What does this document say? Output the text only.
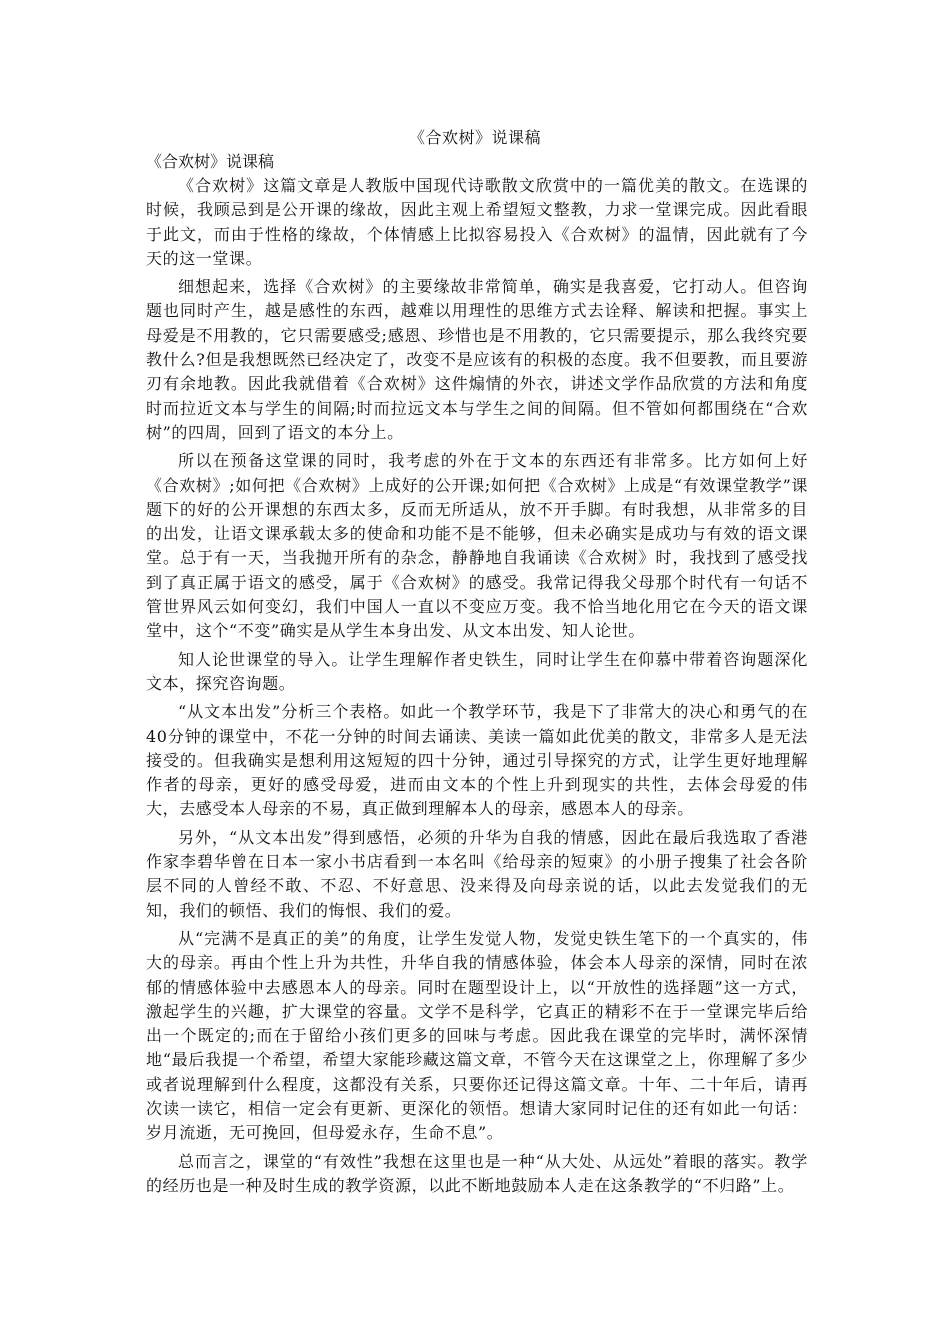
《合欢树》说课稿
《合欢树》说课稿

《合欢树》这篇文章是人教版中国现代诗歌散文欣赏中的一篇优美的散文。在选课的时候，我顾忌到是公开课的缘故，因此主观上希望短文整教，力求一堂课完成。因此看眼于此文，而由于性格的缘故，个体情感上比拟容易投入《合欢树》的温情，因此就有了今天的这一堂课。

细想起来，选择《合欢树》的主要缘故非常简单，确实是我喜爱，它打动人。但咨询题也同时产生，越是感性的东西，越难以用理性的思维方式去诠释、解读和把握。事实上母爱是不用教的，它只需要感受;感恩、珍惜也是不用教的，它只需要提示，那么我终究要教什么?但是我想既然已经决定了，改变不是应该有的积极的态度。我不但要教，而且要游刃有余地教。因此我就借着《合欢树》这件煽情的外衣，讲述文学作品欣赏的方法和角度时而拉近文本与学生的间隔;时而拉远文本与学生之间的间隔。但不管如何都围绕在“合欢树”的四周，回到了语文的本分上。

所以在预备这堂课的同时，我考虑的外在于文本的东西还有非常多。比方如何上好《合欢树》;如何把《合欢树》上成好的公开课;如何把《合欢树》上成是“有效课堂教学”课题下的好的公开课想的东西太多，反而无所适从，放不开手脚。有时我想，从非常多的目的出发，让语文课承载太多的使命和功能不是不能够，但未必确实是成功与有效的语文课堂。总于有一天，当我抛开所有的杂念，静静地自我诵读《合欢树》时，我找到了感受找到了真正属于语文的感受，属于《合欢树》的感受。我常记得我父母那个时代有一句话不管世界风云如何变幻，我们中国人一直以不变应万变。我不恰当地化用它在今天的语文课堂中，这个“不变”确实是从学生本身出发、从文本出发、知人论世。

知人论世课堂的导入。让学生理解作者史铁生，同时让学生在仰慕中带着咨询题深化文本，探究咨询题。

“从文本出发”分析三个表格。如此一个教学环节，我是下了非常大的决心和勇气的在40分钟的课堂中，不花一分钟的时间去诵读、美读一篇如此优美的散文，非常多人是无法接受的。但我确实是想利用这短短的四十分钟，通过引导探究的方式，让学生更好地理解作者的母亲，更好的感受母爱，进而由文本的个性上升到现实的共性，去体会母爱的伟大，去感受本人母亲的不易，真正做到理解本人的母亲，感恩本人的母亲。

另外，“从文本出发”得到感悟，必须的升华为自我的情感，因此在最后我选取了香港作家李碧华曾在日本一家小书店看到一本名叫《给母亲的短柬》的小册子搜集了社会各阶层不同的人曾经不敢、不忍、不好意思、没来得及向母亲说的话，以此去发觉我们的无知，我们的顿悟、我们的悔恨、我们的爱。

从“完满不是真正的美”的角度，让学生发觉人物，发觉史铁生笔下的一个真实的，伟大的母亲。再由个性上升为共性，升华自我的情感体验，体会本人母亲的深情，同时在浓郁的情感体验中去感恩本人的母亲。同时在题型设计上，以“开放性的选择题”这一方式，激起学生的兴趣，扩大课堂的容量。文学不是科学，它真正的精彩不在于一堂课完毕后给出一个既定的;而在于留给小孩们更多的回味与考虑。因此我在课堂的完毕时，满怀深情地“最后我提一个希望，希望大家能珍藏这篇文章，不管今天在这课堂之上，你理解了多少或者说理解到什么程度，这都没有关系，只要你还记得这篇文章。十年、二十年后，请再次读一读它，相信一定会有更新、更深化的领悟。想请大家同时记住的还有如此一句话：岁月流逝，无可挽回，但母爱永存，生命不息”。

总而言之，课堂的“有效性”我想在这里也是一种“从大处、从远处”着眼的落实。教学的经历也是一种及时生成的教学资源，以此不断地鼓励本人走在这条教学的“不归路”上。
